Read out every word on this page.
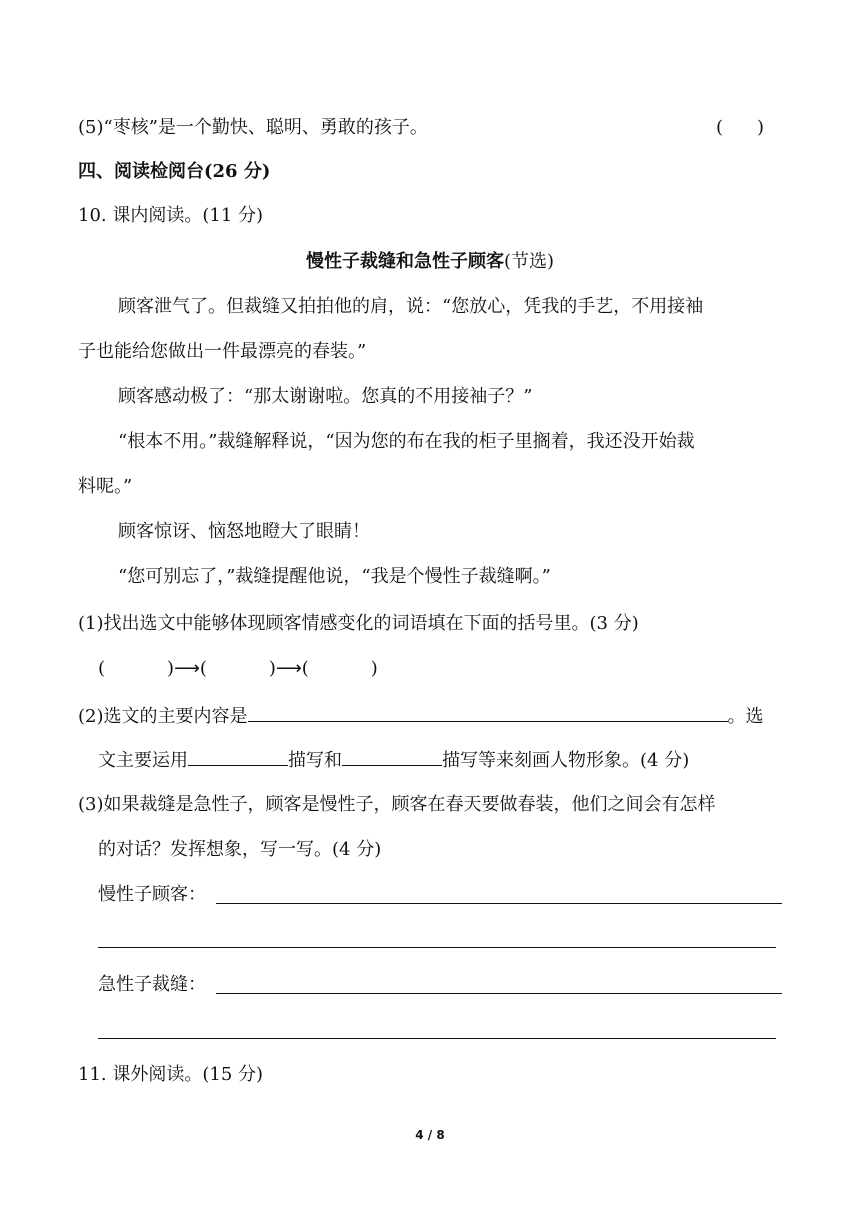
(5)“枣核”是一个勤快、聪明、勇敢的孩子。	( )
四、阅读检阅台(26 分)
10. 课内阅读。(11 分)
慢性子裁缝和急性子顾客(节选)
顾客泄气了。但裁缝又拍拍他的肩，说：“您放心，凭我的手艺，不用接袖
子也能给您做出一件最漂亮的春装。”
顾客感动极了：“那太谢谢啦。您真的不用接袖子？”
“根本不用。”裁缝解释说，“因为您的布在我的柜子里搁着，我还没开始裁
料呢。”
顾客惊讶、恼怒地瞪大了眼睛！
“您可别忘了，”裁缝提醒他说，“我是个慢性子裁缝啊。”
(1)找出选文中能够体现顾客情感变化的词语填在下面的括号里。(3 分)
(	)⟶(	)⟶(	)
(2)选文的主要内容是	。选
文主要运用	描写和	描写等来刻画人物形象。(4 分)
(3)如果裁缝是急性子，顾客是慢性子，顾客在春天要做春装，他们之间会有怎样
的对话？发挥想象，写一写。(4 分)
慢性子顾客：
急性子裁缝：
11. 课外阅读。(15 分)
4 / 8
